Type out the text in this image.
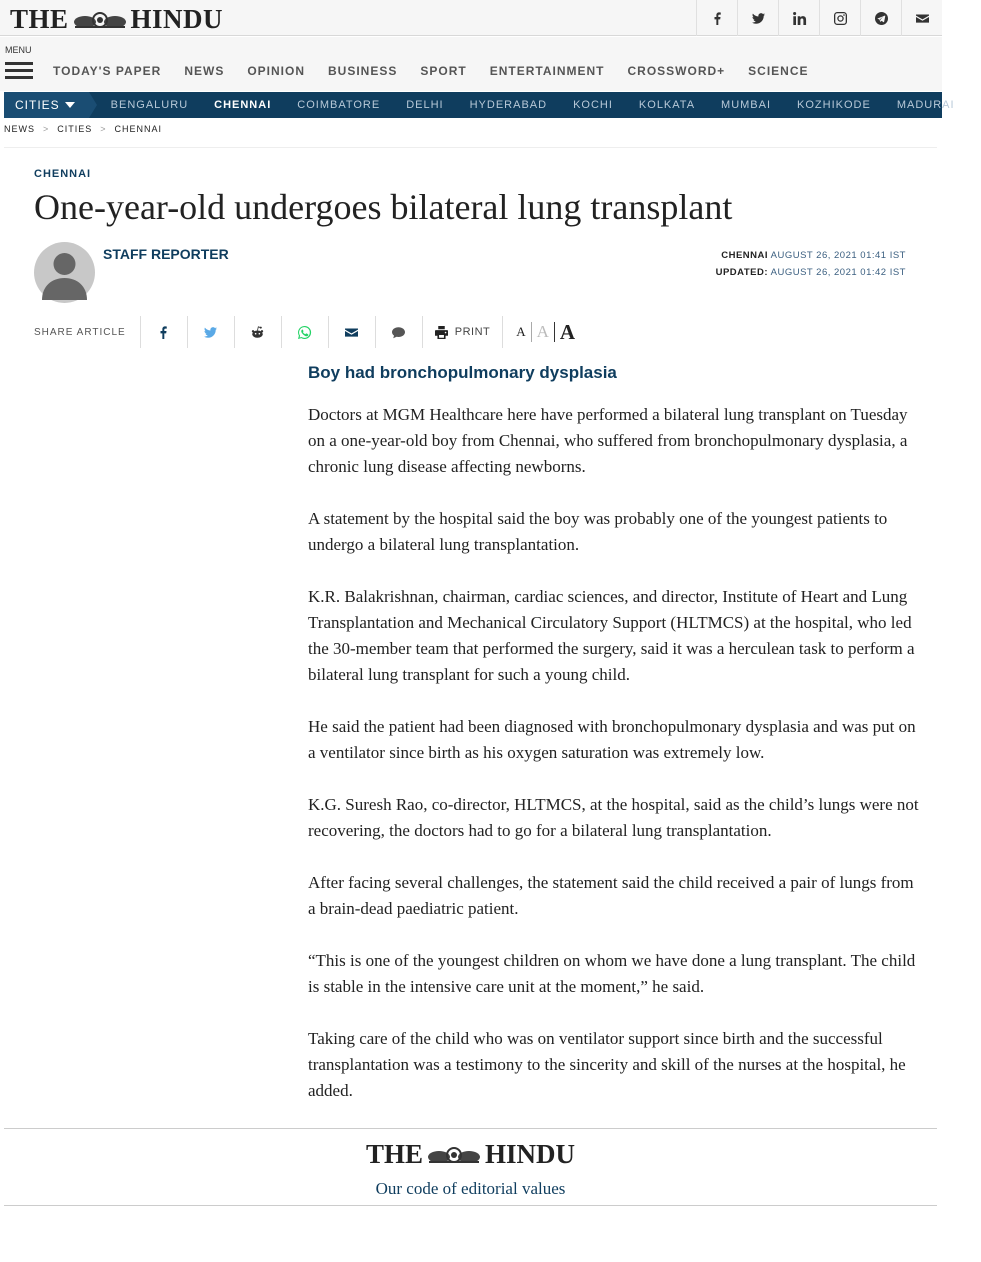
THE HINDU
MENU
TODAY'S PAPER NEWS OPINION BUSINESS SPORT ENTERTAINMENT CROSSWORD+ SCIENCE
CITIES	BENGALURU CHENNAI COIMBATORE DELHI HYDERABAD KOCHI KOLKATA MUMBAI KOZHIKODE MADURAI
NEWS > CITIES > CHENNAI
CHENNAI
One-year-old undergoes bilateral lung transplant
STAFF REPORTER	CHENNAI AUGUST 26, 2021 01:41 IST
UPDATED: AUGUST 26, 2021 01:42 IST
SHARE ARTICLE	PRINT	A A A
Boy had bronchopulmonary dysplasia

Doctors at MGM Healthcare here have performed a bilateral lung transplant on Tuesday on a one-year-old boy from Chennai, who suffered from bronchopulmonary dysplasia, a chronic lung disease affecting newborns.

A statement by the hospital said the boy was probably one of the youngest patients to undergo a bilateral lung transplantation.

K.R. Balakrishnan, chairman, cardiac sciences, and director, Institute of Heart and Lung Transplantation and Mechanical Circulatory Support (HLTMCS) at the hospital, who led the 30-member team that performed the surgery, said it was a herculean task to perform a bilateral lung transplant for such a young child.

He said the patient had been diagnosed with bronchopulmonary dysplasia and was put on a ventilator since birth as his oxygen saturation was extremely low.

K.G. Suresh Rao, co-director, HLTMCS, at the hospital, said as the child’s lungs were not recovering, the doctors had to go for a bilateral lung transplantation.

After facing several challenges, the statement said the child received a pair of lungs from a brain-dead paediatric patient.

“This is one of the youngest children on whom we have done a lung transplant. The child is stable in the intensive care unit at the moment,” he said.

Taking care of the child who was on ventilator support since birth and the successful transplantation was a testimony to the sincerity and skill of the nurses at the hospital, he added.

THE HINDU
Our code of editorial values
